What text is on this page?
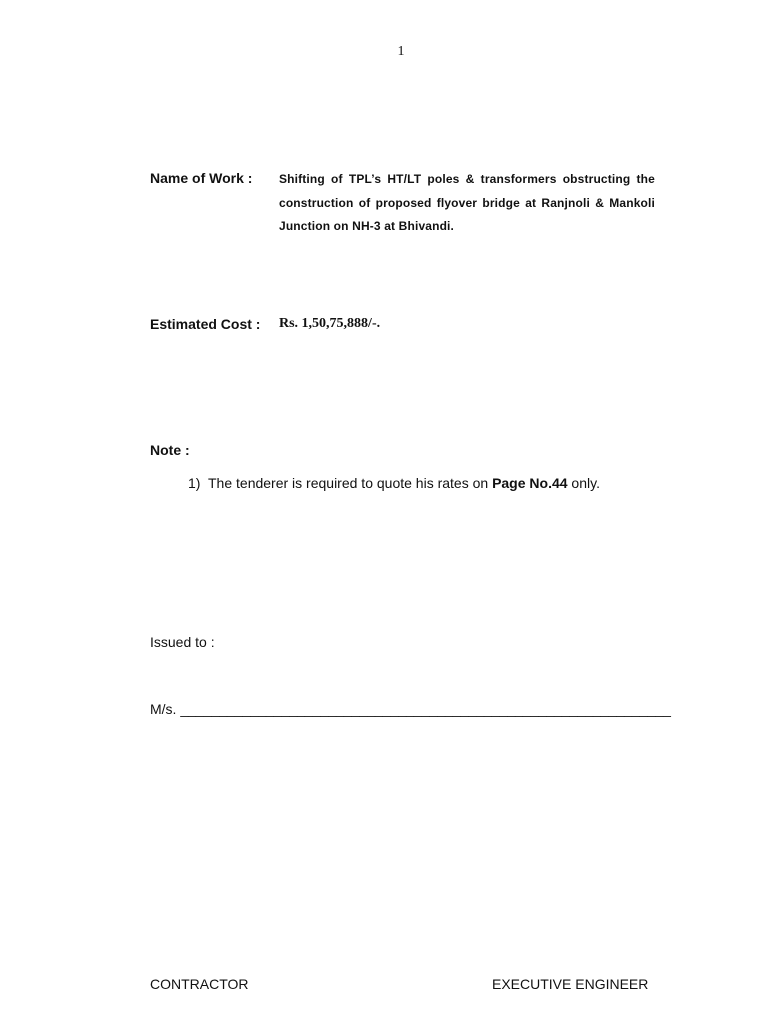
1
Name of Work : Shifting of TPL’s HT/LT poles & transformers obstructing the construction of proposed flyover bridge at Ranjnoli & Mankoli Junction on NH-3 at Bhivandi.
Estimated Cost : Rs. 1,50,75,888/-.
Note :
1) The tenderer is required to quote his rates on Page No.44 only.
Issued to :
M/s. _______________________________________________________________
CONTRACTOR	EXECUTIVE ENGINEER
